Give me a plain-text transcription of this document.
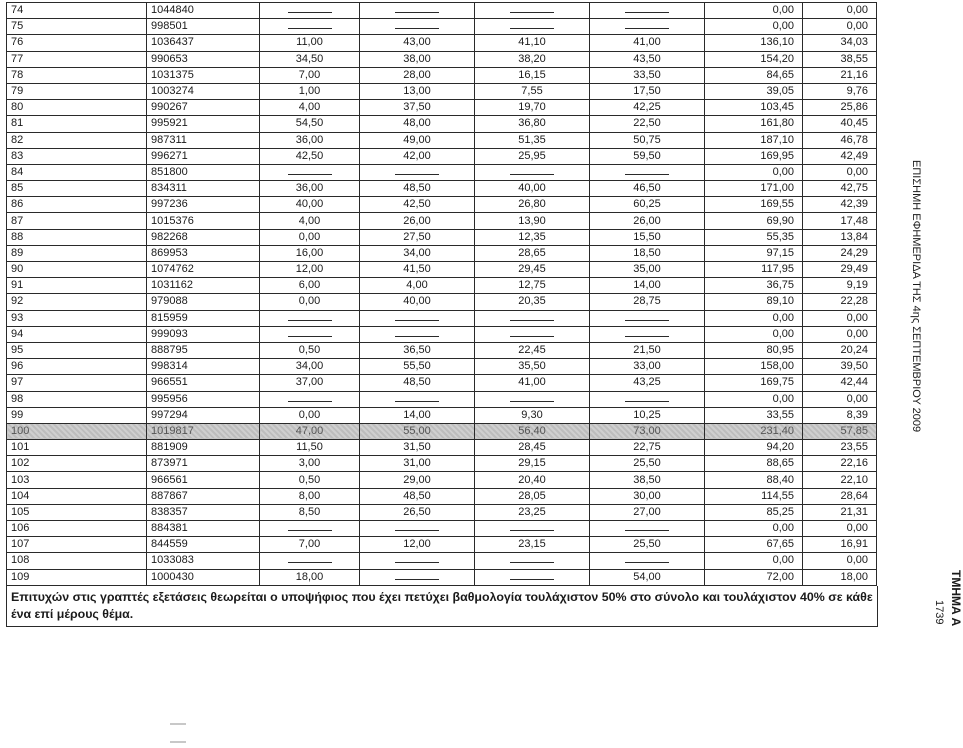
74	1044840					0,00	0,00
75	998501					0,00	0,00
76	1036437	11,00	43,00	41,10	41,00	136,10	34,03
77	990653	34,50	38,00	38,20	43,50	154,20	38,55
78	1031375	7,00	28,00	16,15	33,50	84,65	21,16
79	1003274	1,00	13,00	7,55	17,50	39,05	9,76
80	990267	4,00	37,50	19,70	42,25	103,45	25,86
81	995921	54,50	48,00	36,80	22,50	161,80	40,45
82	987311	36,00	49,00	51,35	50,75	187,10	46,78
83	996271	42,50	42,00	25,95	59,50	169,95	42,49
84	851800					0,00	0,00
85	834311	36,00	48,50	40,00	46,50	171,00	42,75
86	997236	40,00	42,50	26,80	60,25	169,55	42,39
87	1015376	4,00	26,00	13,90	26,00	69,90	17,48
88	982268	0,00	27,50	12,35	15,50	55,35	13,84
89	869953	16,00	34,00	28,65	18,50	97,15	24,29
90	1074762	12,00	41,50	29,45	35,00	117,95	29,49
91	1031162	6,00	4,00	12,75	14,00	36,75	9,19
92	979088	0,00	40,00	20,35	28,75	89,10	22,28
93	815959					0,00	0,00
94	999093					0,00	0,00
95	888795	0,50	36,50	22,45	21,50	80,95	20,24
96	998314	34,00	55,50	35,50	33,00	158,00	39,50
97	966551	37,00	48,50	41,00	43,25	169,75	42,44
98	995956					0,00	0,00
99	997294	0,00	14,00	9,30	10,25	33,55	8,39
100	1019817	47,00	55,00	56,40	73,00	231,40	57,85
101	881909	11,50	31,50	28,45	22,75	94,20	23,55
102	873971	3,00	31,00	29,15	25,50	88,65	22,16
103	966561	0,50	29,00	20,40	38,50	88,40	22,10
104	887867	8,00	48,50	28,05	30,00	114,55	28,64
105	838357	8,50	26,50	23,25	27,00	85,25	21,31
106	884381					0,00	0,00
107	844559	7,00	12,00	23,15	25,50	67,65	16,91
108	1033083					0,00	0,00
109	1000430	18,00			54,00	72,00	18,00
Επιτυχών στις γραπτές εξετάσεις θεωρείται ο υποψήφιος που έχει πετύχει βαθμολογία τουλάχιστον 50% στο σύνολο και τουλάχιστον 40% σε κάθε ένα επί μέρους θέμα.
ΕΠΙΣΗΜΗ ΕΦΗΜΕΡΙΔΑ ΤΗΣ 4ης ΣΕΠΤΕΜΒΡΙΟΥ 2009
ΤΜΗΜΑ Α
1739
